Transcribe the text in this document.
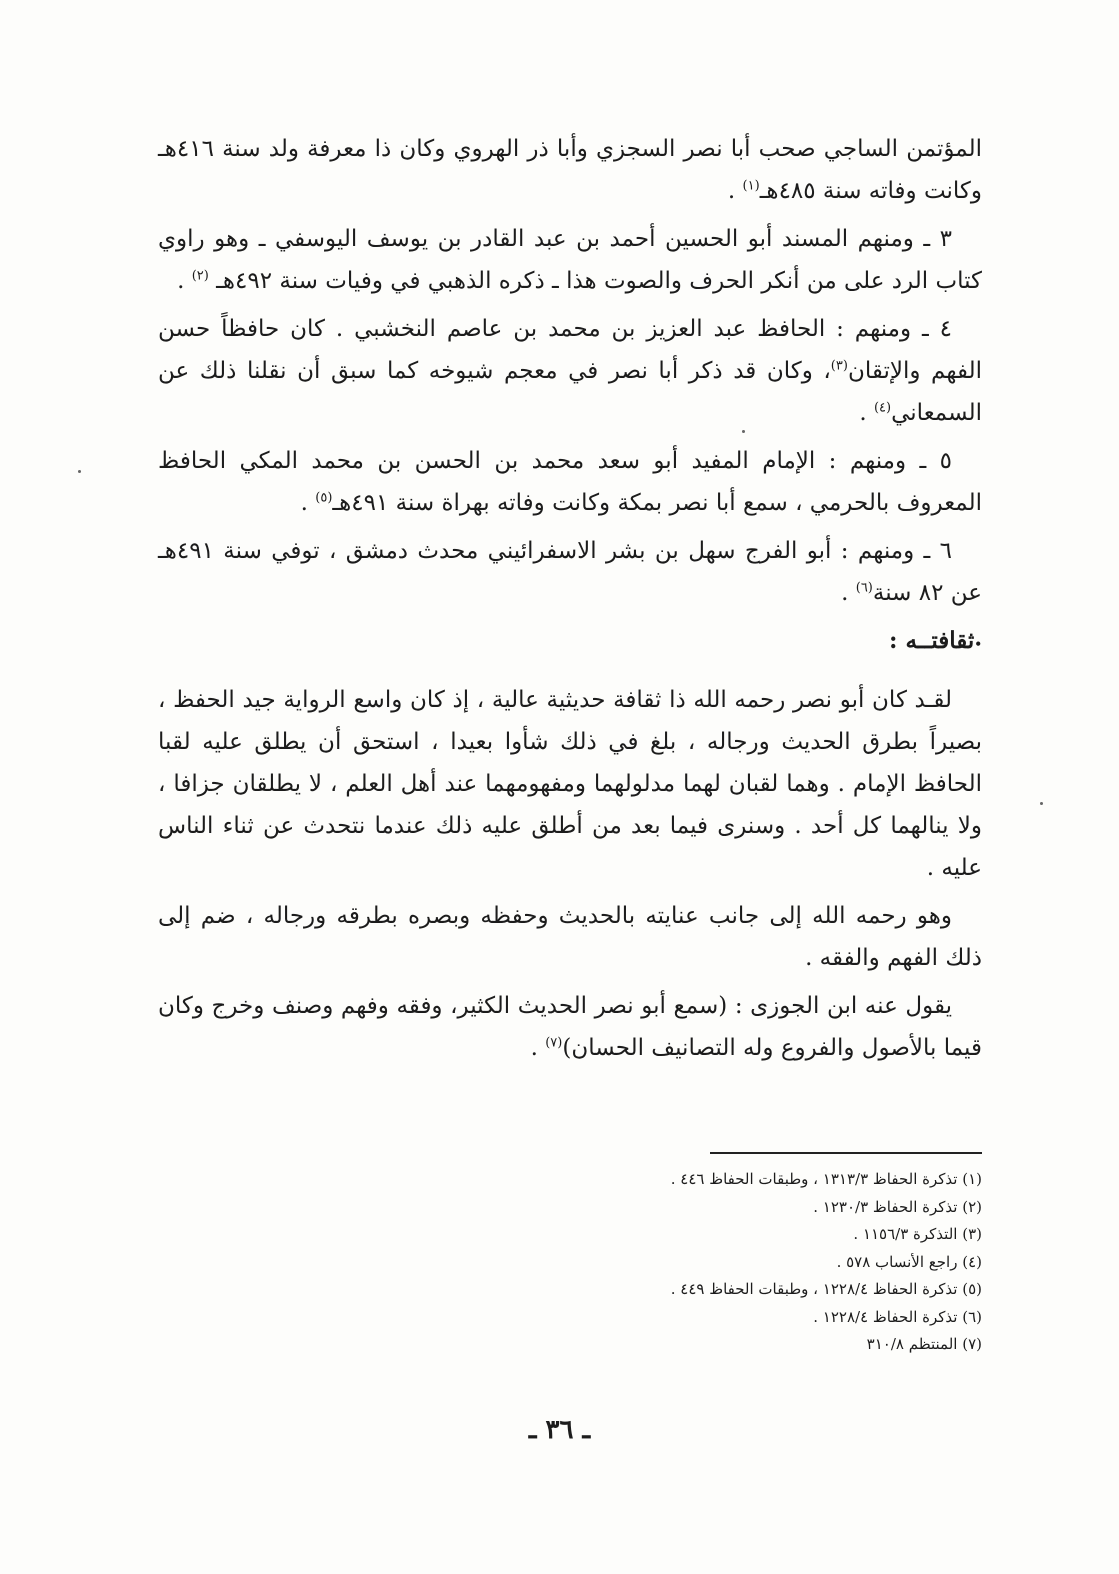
المؤتمن الساجي صحب أبا نصر السجزي وأبا ذر الهروي وكان ذا معرفة ولد سنة ٤١٦هـ وكانت وفاته سنة ٤٨٥هـ$^{(١)}$ .

٣ ـ ومنهم المسند أبو الحسين أحمد بن عبد القادر بن يوسف اليوسفي ـ وهو راوي كتاب الرد على من أنكر الحرف والصوت هذا ـ ذكره الذهبي في وفيات سنة ٤٩٢هـ $^{(٢)}$ .

٤ ـ ومنهم : الحافظ عبد العزيز بن محمد بن عاصم النخشبي . كان حافظاً حسن الفهم والإتقان$^{(٣)}$، وكان قد ذكر أبا نصر في معجم شيوخه كما سبق أن نقلنا ذلك عن السمعاني$^{(٤)}$ .

٥ ـ ومنهم : الإمام المفيد أبو سعد محمد بن الحسن بن محمد المكي الحافظ المعروف بالحرمي ، سمع أبا نصر بمكة وكانت وفاته بهراة سنة ٤٩١هـ$^{(٥)}$ .

٦ ـ ومنهم : أبو الفرج سهل بن بشر الاسفرائيني محدث دمشق ، توفي سنة ٤٩١هـ عن ٨٢ سنة$^{(٦)}$ .

•ثقافتــه :

لقـد كان أبو نصر رحمه الله ذا ثقافة حديثية عالية ، إذ كان واسع الرواية جيد الحفظ ، بصيراً بطرق الحديث ورجاله ، بلغ في ذلك شأوا بعيدا ، استحق أن يطلق عليه لقبا الحافظ الإمام . وهما لقبان لهما مدلولهما ومفهومهما عند أهل العلم ، لا يطلقان جزافا ، ولا ينالهما كل أحد . وسنرى فيما بعد من أطلق عليه ذلك عندما نتحدث عن ثناء الناس عليه .

وهو رحمه الله إلى جانب عنايته بالحديث وحفظه وبصره بطرقه ورجاله ، ضم إلى ذلك الفهم والفقه .

يقول عنه ابن الجوزى : (سمع أبو نصر الحديث الكثير، وفقه وفهم وصنف وخرج وكان قيما بالأصول والفروع وله التصانيف الحسان)$^{(٧)}$ .

(١) تذكرة الحفاظ ١٣١٣/٣ ، وطبقات الحفاظ ٤٤٦ .
(٢) تذكرة الحفاظ ١٢٣٠/٣ .
(٣) التذكرة ١١٥٦/٣ .
(٤) راجع الأنساب ٥٧٨ .
(٥) تذكرة الحفاظ ١٢٢٨/٤ ، وطبقات الحفاظ ٤٤٩ .
(٦) تذكرة الحفاظ ١٢٢٨/٤ .
(٧) المنتظم ٣١٠/٨
ـ ٣٦ ـ
